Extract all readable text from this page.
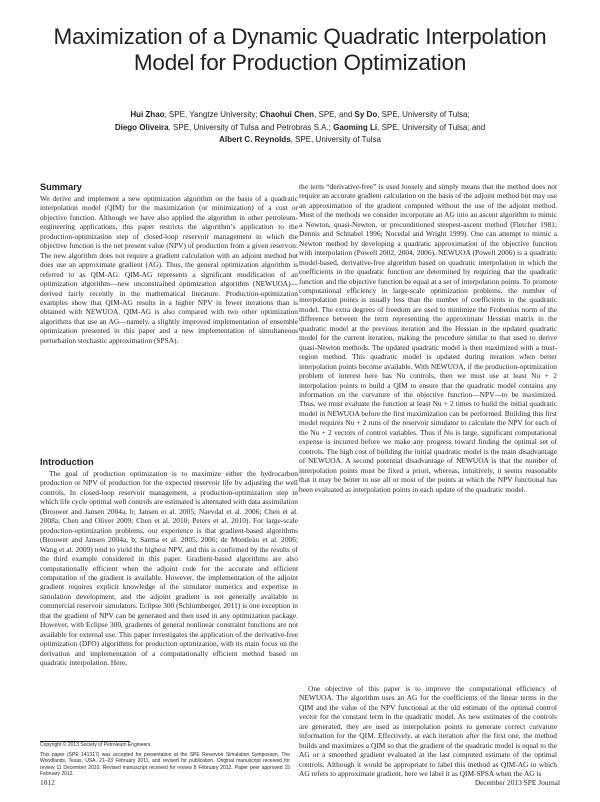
Maximization of a Dynamic Quadratic Interpolation Model for Production Optimization
Hui Zhao, SPE, Yangtze University; Chaohui Chen, SPE, and Sy Do, SPE, University of Tulsa;
Diego Oliveira, SPE, University of Tulsa and Petrobras S.A.; Gaoming Li, SPE, University of Tulsa; and
Albert C. Reynolds, SPE, University of Tulsa
Summary

We derive and implement a new optimization algorithm on the basis of a quadratic interpolation model (QIM) for the maximization (or minimization) of a cost or objective function. Although we have also applied the algorithm in other petroleum-engineering applications, this paper restricts the algorithm’s application to the production-optimization step of closed-loop reservoir management in which the objective function is the net present value (NPV) of production from a given reservoir. The new algorithm does not require a gradient calculation with an adjoint method but does use an approximate gradient (AG). Thus, the general optimization algorithm is referred to as QIM-AG. QIM-AG represents a significant modification of an optimization algorithm—new unconstrained optimization algorithm (NEWUOA)—derived fairly recently in the mathematical literature. Production-optimization examples show that QIM-AG results in a higher NPV in fewer iterations than is obtained with NEWUOA. QIM-AG is also compared with two other optimization algorithms that use an AG—namely, a slightly improved implementation of ensemble optimization presented in this paper and a new implementation of simultaneous perturbation stochastic approximation (SPSA).

Introduction

The goal of production optimization is to maximize either the hydrocarbon production or NPV of production for the expected reservoir life by adjusting the well controls. In closed-loop reservoir management, a production-optimization step in which life cycle optimal well controls are estimated is alternated with data assimilation (Brouwer and Jansen 2004a, b; Jansen et al. 2005; Naevdal et al. 2006; Chen et al. 2008a; Chen and Oliver 2009; Chen et al. 2010; Peters et al. 2010). For large-scale production-optimization problems, our experience is that gradient-based algorithms (Brouwer and Jansen 2004a, b; Sarma et al. 2005, 2006; de Montleau et al. 2006; Wang et al. 2009) tend to yield the highest NPV, and this is confirmed by the results of the third example considered in this paper. Gradient-based algorithms are also computationally efficient when the adjoint code for the accurate and efficient computation of the gradient is available. However, the implementation of the adjoint gradient requires explicit knowledge of the simulator numerics and expertise in simulation development, and the adjoint gradient is not generally available in commercial reservoir simulators. Eclipse 300 (Schlumberger, 2011) is one exception in that the gradient of NPV can be generated and then used in any optimization package. However, with Eclipse 300, gradients of general nonlinear constraint functions are not available for external use. This paper investigates the application of the derivative-free optimization (DFO) algorithms for production optimization, with its main focus on the derivation and implementation of a computationally efficient method based on quadratic interpolation. Here,

the term “derivative-free” is used loosely and simply means that the method does not require an accurate gradient calculation on the basis of the adjoint method but may use an approximation of the gradient computed without the use of the adjoint method. Most of the methods we consider incorporate an AG into an ascent algorithm to mimic a Newton, quasi-Newton, or preconditioned steepest-ascent method (Fletcher 1981; Dennis and Schnabel 1996; Nocedal and Wright 1999). One can attempt to mimic a Newton method by developing a quadratic approximation of the objective function with interpolation (Powell 2002, 2004, 2006). NEWUOA (Powell 2006) is a quadratic model-based, derivative-free algorithm based on quadratic interpolation in which the coefficients in the quadratic function are determined by requiring that the quadratic function and the objective function be equal at a set of interpolation points. To promote computational efficiency in large-scale optimization problems, the number of interpolation points is usually less than the number of coefficients in the quadratic model. The extra degrees of freedom are used to minimize the Frobenius norm of the difference between the term representing the approximate Hessian matrix in the quadratic model at the previous iteration and the Hessian in the updated quadratic model for the current iteration, making the procedure similar to that used to derive quasi-Newton methods. The updated quadratic model is then maximized with a trust-region method. This quadratic model is updated during iteration when better interpolation points become available. With NEWUOA, if the production-optimization problem of interest here has Nu controls, then we must use at least Nu + 2 interpolation points to build a QIM to ensure that the quadratic model contains any information on the curvature of the objective function—NPV—to be maximized. Thus, we must evaluate the function at least Nu + 2 times to build the initial quadratic model in NEWUOA before the first maximization can be performed. Building this first model requires Nu + 2 runs of the reservoir simulator to calculate the NPV for each of the Nu + 2 vectors of control variables. Thus if Nu is large, significant computational expense is incurred before we make any progress toward finding the optimal set of controls. The high cost of building the initial quadratic model is the main disadvantage of NEWUOA. A second potential disadvantage of NEWUOA is that the number of interpolation points must be fixed a priori, whereas, intuitively, it seems reasonable that it may be better to use all or most of the points at which the NPV functional has been evaluated as interpolation points in each update of the quadratic model.

One objective of this paper is to improve the computational efficiency of NEWUOA. The algorithm uses an AG for the coefficients of the linear terms in the QIM and the value of the NPV functional at the old estimate of the optimal control vector for the constant term in the quadratic model. As new estimates of the controls are generated, they are used as interpolation points to generate correct curvature information for the QIM. Effectively, at each iteration after the first one, the method builds and maximizes a QIM so that the gradient of the quadratic model is equal to the AG or a smoothed gradient evaluated at the last computed estimate of the optimal controls. Although it would be appropriate to label this method as QIM-AG in which AG refers to approximate gradient, here we label it as QIM-SPSA when the AG is

Copyright © 2013 Society of Petroleum Engineers

This paper (SPE 141317) was accepted for presentation at the SPE Reservoir Simulation Symposium, The Woodlands, Texas, USA, 21–23 February 2011, and revised for publication. Original manuscript received for review 11 December 2010. Revised manuscript received for review 8 February 2012. Paper peer approved 15 February 2012.

1012	December 2013 SPE Journal
